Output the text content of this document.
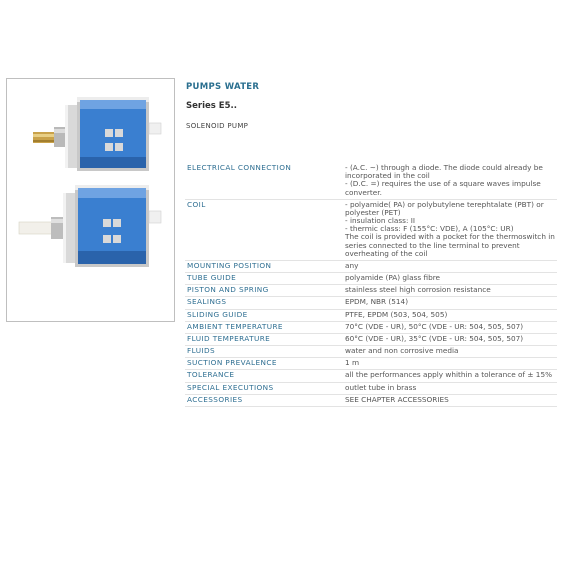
PUMPS WATER
Series E5..
SOLENOID PUMP
ELECTRICAL CONNECTION	- (A.C. ~) through a diode. The diode could already be incorporated in the coil
- (D.C. =) requires the use of a square waves impulse converter.

COIL	- polyamide( PA) or polybutylene terephtalate (PBT) or polyester (PET)
- insulation class: II
- thermic class: F (155°C: VDE), A (105°C: UR)
The coil is provided with a pocket for the thermoswitch in series connected to the line terminal to prevent overheating of the coil

MOUNTING POSITION	any

TUBE GUIDE	polyamide (PA) glass fibre

PISTON AND SPRING	stainless steel high corrosion resistance

SEALINGS	EPDM, NBR (514)

SLIDING GUIDE	PTFE, EPDM (503, 504, 505)

AMBIENT TEMPERATURE	70°C (VDE - UR), 50°C (VDE - UR: 504, 505, 507)

FLUID TEMPERATURE	60°C (VDE - UR), 35°C (VDE - UR: 504, 505, 507)

FLUIDS	water and non corrosive media

SUCTION PREVALENCE	1 m

TOLERANCE	all the performances apply whithin a tolerance of ± 15%

SPECIAL EXECUTIONS	outlet tube in brass

ACCESSORIES	SEE CHAPTER ACCESSORIES
